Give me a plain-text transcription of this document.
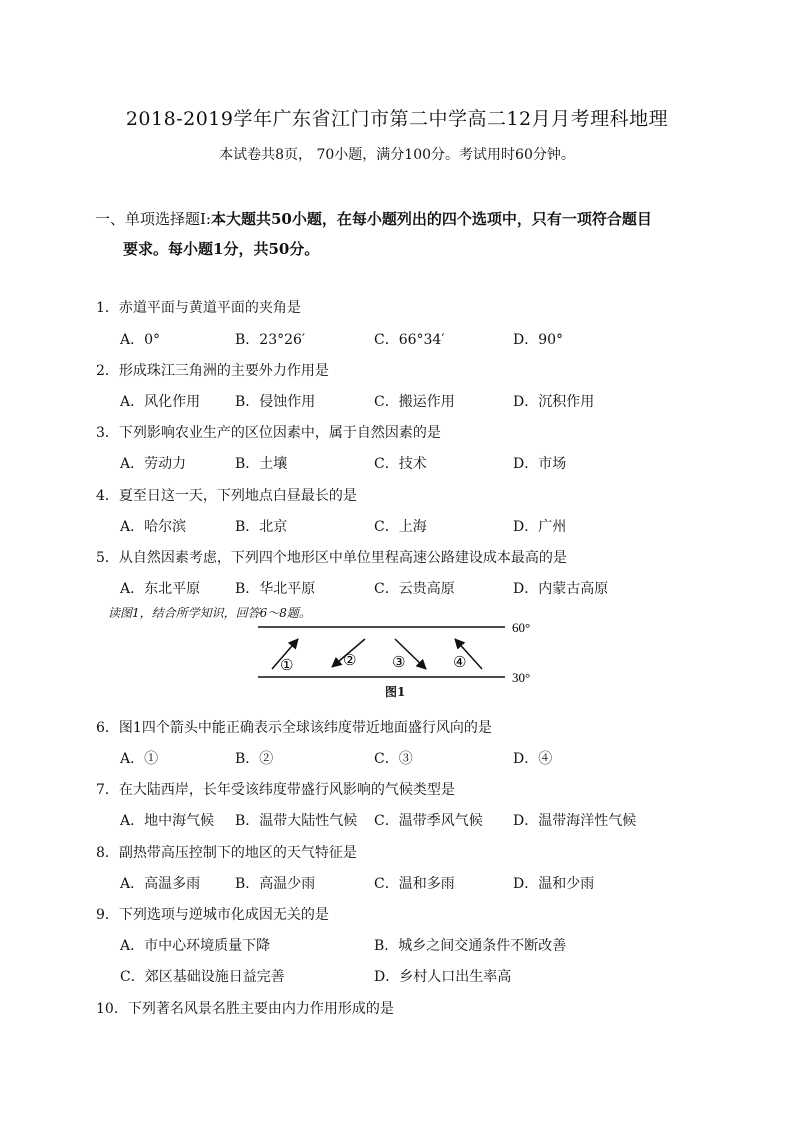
2018-2019学年广东省江门市第二中学高二12月月考理科地理
本试卷共8页， 70小题，满分100分。考试用时60分钟。
一、单项选择题Ⅰ:本大题共50小题，在每小题列出的四个选项中，只有一项符合题目
要求。每小题1分，共50分。
1．赤道平面与黄道平面的夹角是
A．0°	B．23°26′	C．66°34′	D．90°
2．形成珠江三角洲的主要外力作用是
A．风化作用 B．侵蚀作用	C．搬运作用	D．沉积作用
3．下列影响农业生产的区位因素中，属于自然因素的是
A．劳动力	B．土壤	C．技术	D．市场
4．夏至日这一天，下列地点白昼最长的是
A．哈尔滨	B．北京	C．上海	D．广州
5．从自然因素考虑，下列四个地形区中单位里程高速公路建设成本最高的是
A．东北平原 B．华北平原	C．云贵高原	D．内蒙古高原
读图1，结合所学知识，回答6～8题。
60°
30°
①	② ③	④
图1
6．图1四个箭头中能正确表示全球该纬度带近地面盛行风向的是
A．①	B．②	C．③	D．④
7．在大陆西岸，长年受该纬度带盛行风影响的气候类型是
A．地中海气候 B．温带大陆性气候 C．温带季风气候 D．温带海洋性气候
8．副热带高压控制下的地区的天气特征是
A．高温多雨 B．高温少雨	C．温和多雨	D．温和少雨
9．下列选项与逆城市化成因无关的是
A．市中心环境质量下降	B．城乡之间交通条件不断改善
C．郊区基础设施日益完善	D．乡村人口出生率高
10．下列著名风景名胜主要由内力作用形成的是
